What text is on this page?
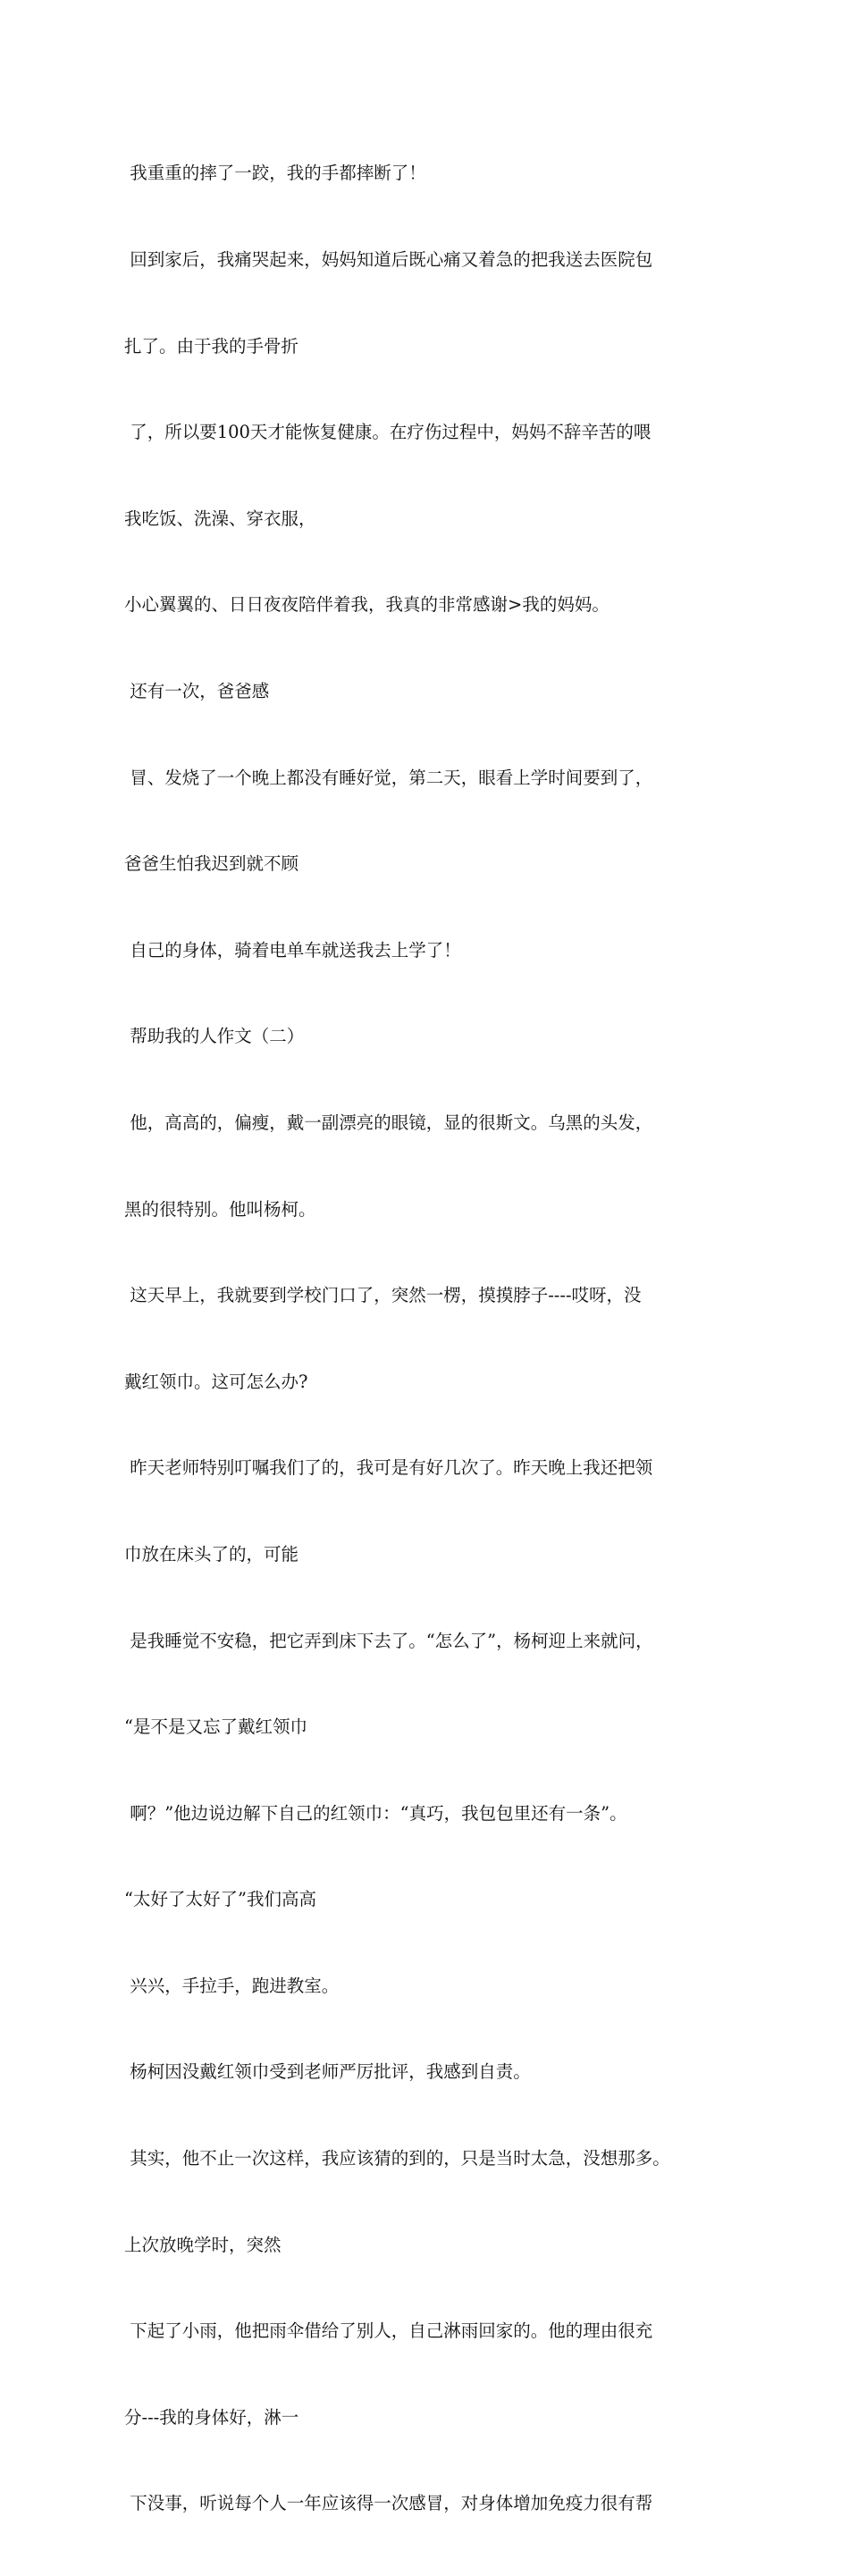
我重重的摔了一跤，我的手都摔断了！

回到家后，我痛哭起来，妈妈知道后既心痛又着急的把我送去医院包

扎了。由于我的手骨折

了，所以要100天才能恢复健康。在疗伤过程中，妈妈不辞辛苦的喂

我吃饭、洗澡、穿衣服，

小心翼翼的、日日夜夜陪伴着我，我真的非常感谢>我的妈妈。

还有一次，爸爸感

冒、发烧了一个晚上都没有睡好觉，第二天，眼看上学时间要到了，

爸爸生怕我迟到就不顾

自己的身体，骑着电单车就送我去上学了！

帮助我的人作文（二）

他，高高的，偏瘦，戴一副漂亮的眼镜，显的很斯文。乌黑的头发，

黑的很特别。他叫杨柯。

这天早上，我就要到学校门口了，突然一楞，摸摸脖子----哎呀，没

戴红领巾。这可怎么办?

昨天老师特别叮嘱我们了的，我可是有好几次了。昨天晚上我还把领

巾放在床头了的，可能

是我睡觉不安稳，把它弄到床下去了。“怎么了”，杨柯迎上来就问，

“是不是又忘了戴红领巾

啊？”他边说边解下自己的红领巾：“真巧，我包包里还有一条”。

“太好了太好了”我们高高

兴兴，手拉手，跑进教室。

杨柯因没戴红领巾受到老师严厉批评，我感到自责。

其实，他不止一次这样，我应该猜的到的，只是当时太急，没想那多。

上次放晚学时，突然

下起了小雨，他把雨伞借给了别人，自己淋雨回家的。他的理由很充

分---我的身体好，淋一

下没事，听说每个人一年应该得一次感冒，对身体增加免疫力很有帮
